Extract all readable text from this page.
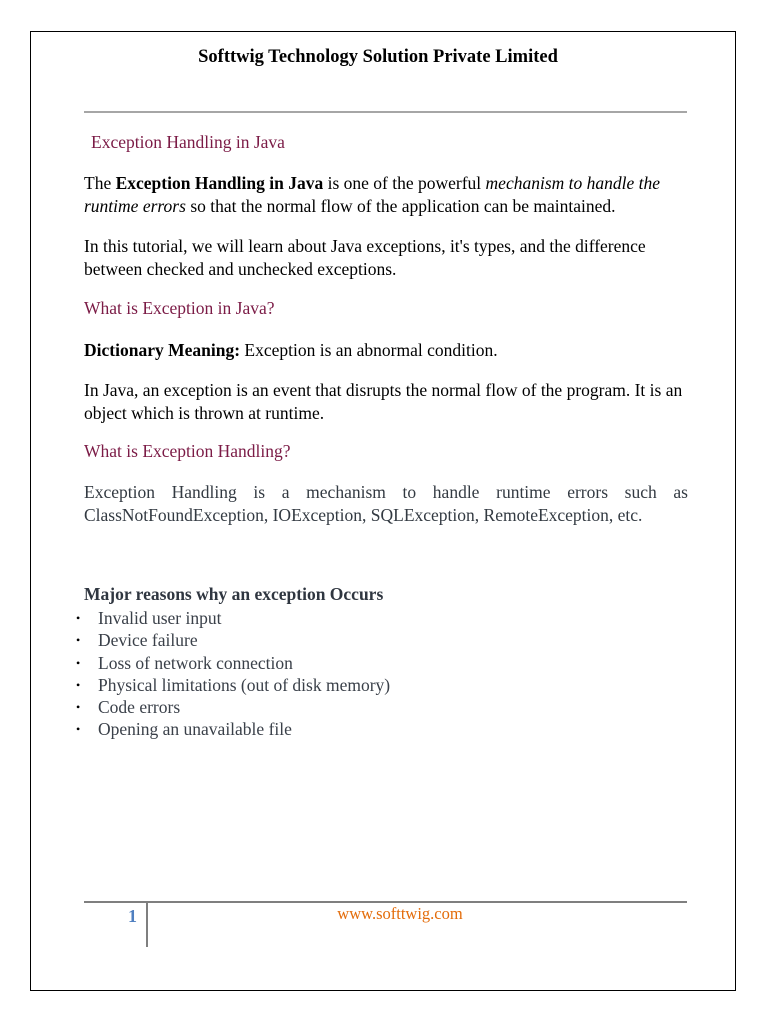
Softtwig Technology Solution Private Limited
Exception Handling in Java
The Exception Handling in Java is one of the powerful mechanism to handle the runtime errors so that the normal flow of the application can be maintained.
In this tutorial, we will learn about Java exceptions, it's types, and the difference between checked and unchecked exceptions.
What is Exception in Java?
Dictionary Meaning: Exception is an abnormal condition.
In Java, an exception is an event that disrupts the normal flow of the program. It is an object which is thrown at runtime.
What is Exception Handling?
Exception Handling is a mechanism to handle runtime errors such as
ClassNotFoundException, IOException, SQLException, RemoteException, etc.
Major reasons why an exception Occurs
• Invalid user input
• Device failure
• Loss of network connection
• Physical limitations (out of disk memory)
• Code errors
• Opening an unavailable file
1	www.softtwig.com
